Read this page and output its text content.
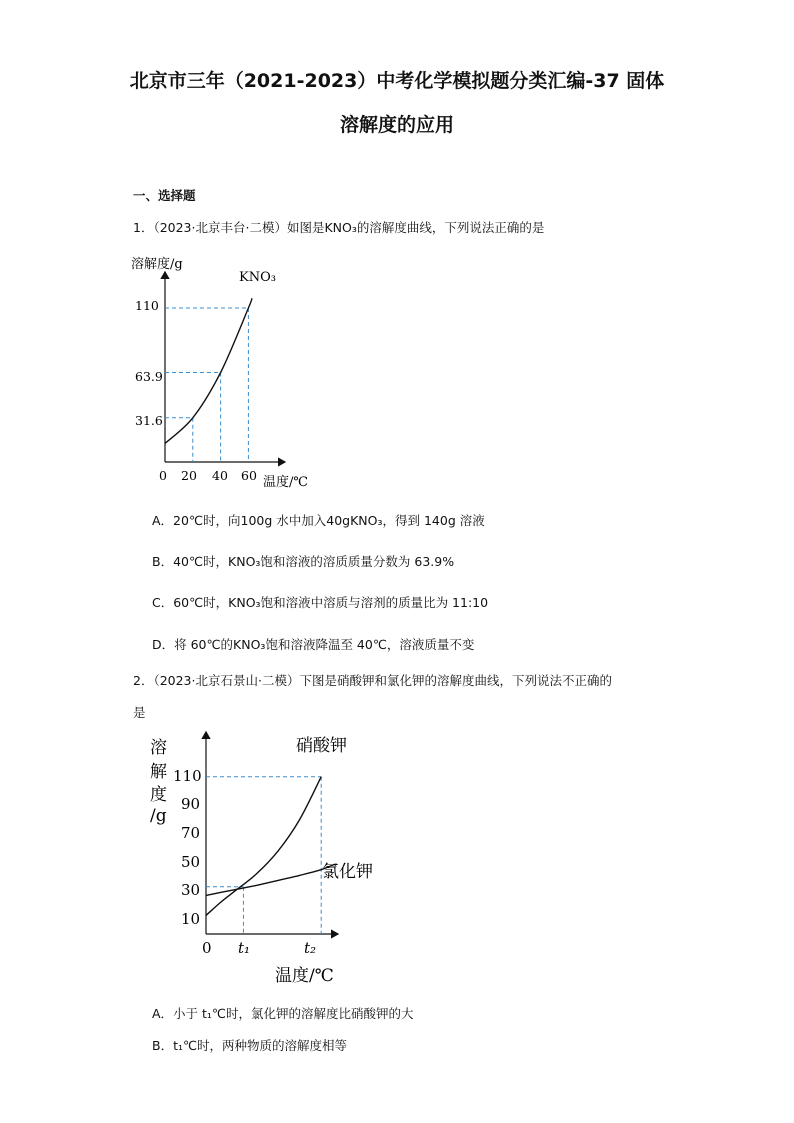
北京市三年（2021-2023）中考化学模拟题分类汇编-37 固体
溶解度的应用
一、选择题
1．（2023·北京丰台·二模）如图是KNO₃的溶解度曲线，下列说法正确的是
溶解度/g
温度/℃
KNO₃
31.6
63.9
110
0 20 40 60
A．20℃时，向100g 水中加入40gKNO₃，得到 140g 溶液
B．40℃时，KNO₃饱和溶液的溶质质量分数为 63.9%
C．60℃时，KNO₃饱和溶液中溶质与溶剂的质量比为 11:10
D．将 60℃的KNO₃饱和溶液降温至 40℃，溶液质量不变
2．（2023·北京石景山·二模）下图是硝酸钾和氯化钾的溶解度曲线，下列说法不正确的
是
溶
解
度
/g
110
90
70
50
30
10
0 t₁	t₂
硝酸钾
氯化钾
温度/℃
A．小于 t₁℃时，氯化钾的溶解度比硝酸钾的大
B．t₁℃时，两种物质的溶解度相等
